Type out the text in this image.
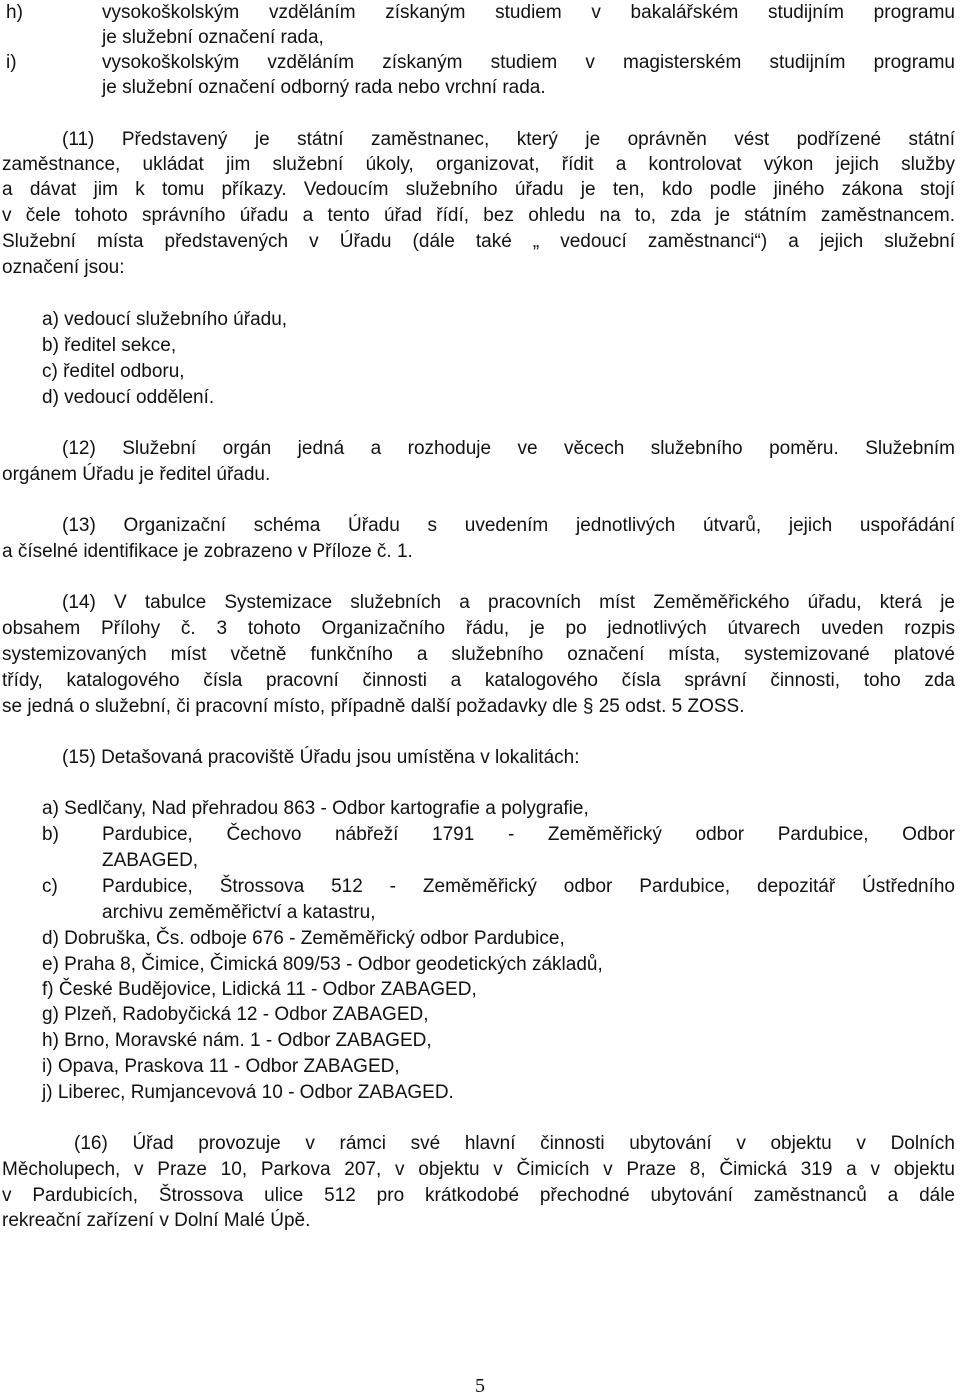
h)	vysokoškolským vzděláním získaným studiem v bakalářském studijním programu
je služební označení rada,
i)	vysokoškolským vzděláním získaným studiem v magisterském studijním programu
je služební označení odborný rada nebo vrchní rada.
(11) Představený je státní zaměstnanec, který je oprávněn vést podřízené státní
zaměstnance, ukládat jim služební úkoly, organizovat, řídit a kontrolovat výkon jejich služby
a dávat jim k tomu příkazy. Vedoucím služebního úřadu je ten, kdo podle jiného zákona stojí
v čele tohoto správního úřadu a tento úřad řídí, bez ohledu na to, zda je státním zaměstnancem.
Služební místa představených v Úřadu (dále také „ vedoucí zaměstnanci“) a jejich služební
označení jsou:
a) vedoucí služebního úřadu,
b) ředitel sekce,
c) ředitel odboru,
d) vedoucí oddělení.
(12) Služební orgán jedná a rozhoduje ve věcech služebního poměru. Služebním
orgánem Úřadu je ředitel úřadu.
(13) Organizační schéma Úřadu s uvedením jednotlivých útvarů, jejich uspořádání
a číselné identifikace je zobrazeno v Příloze č. 1.
(14) V tabulce Systemizace služebních a pracovních míst Zeměměřického úřadu, která je
obsahem Přílohy č. 3 tohoto Organizačního řádu, je po jednotlivých útvarech uveden rozpis
systemizovaných míst včetně funkčního a služebního označení místa, systemizované platové
třídy, katalogového čísla pracovní činnosti a katalogového čísla správní činnosti, toho zda
se jedná o služební, či pracovní místo, případně další požadavky dle § 25 odst. 5 ZOSS.
(15) Detašovaná pracoviště Úřadu jsou umístěna v lokalitách:
a) Sedlčany, Nad přehradou 863 - Odbor kartografie a polygrafie,
b) Pardubice, Čechovo nábřeží 1791 - Zeměměřický odbor Pardubice, Odbor
ZABAGED,
c) Pardubice, Štrossova 512 - Zeměměřický odbor Pardubice, depozitář Ústředního
archivu zeměměřictví a katastru,
d) Dobruška, Čs. odboje 676 - Zeměměřický odbor Pardubice,
e) Praha 8, Čimice, Čimická 809/53 - Odbor geodetických základů,
f) České Budějovice, Lidická 11 - Odbor ZABAGED,
g) Plzeň, Radobyčická 12 - Odbor ZABAGED,
h) Brno, Moravské nám. 1 - Odbor ZABAGED,
i) Opava, Praskova 11 - Odbor ZABAGED,
j) Liberec, Rumjancevová 10 - Odbor ZABAGED.
(16) Úřad provozuje v rámci své hlavní činnosti ubytování v objektu v Dolních
Měcholupech, v Praze 10, Parkova 207, v objektu v Čimicích v Praze 8, Čimická 319 a v objektu
v Pardubicích, Štrossova ulice 512 pro krátkodobé přechodné ubytování zaměstnanců a dále
rekreační zařízení v Dolní Malé Úpě.
5
